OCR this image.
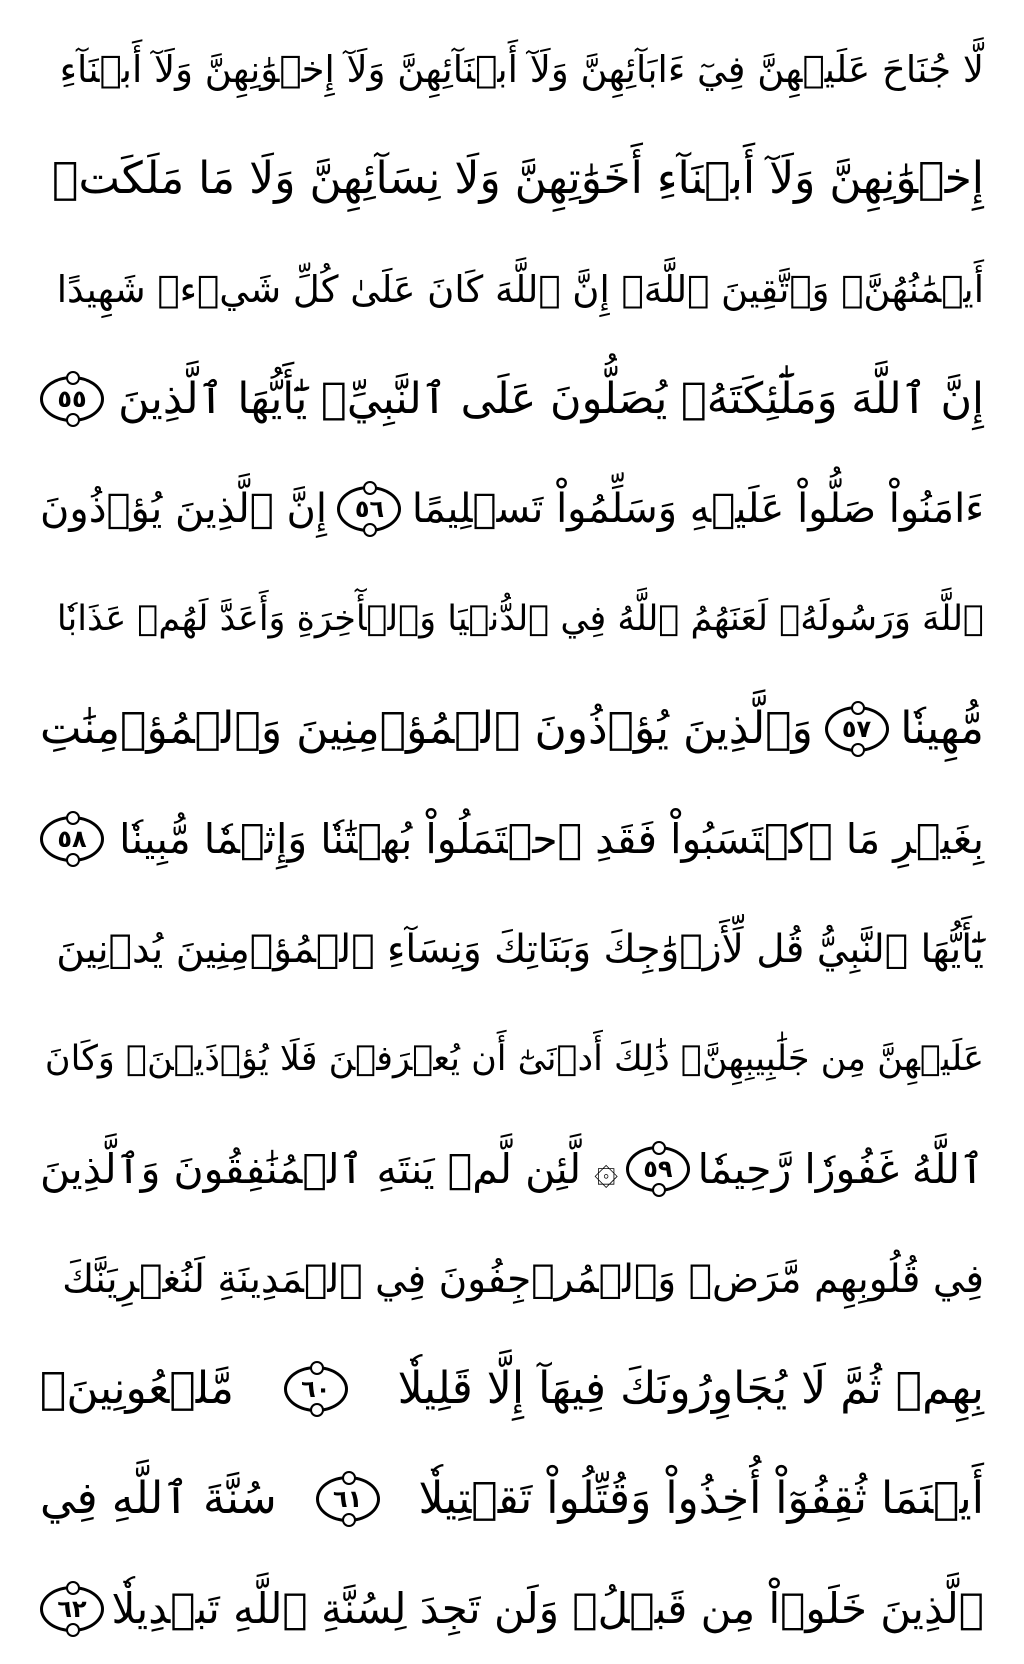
لَّا جُنَاحَ عَلَيۡهِنَّ فِيٓ ءَابَآئِهِنَّ وَلَآ أَبۡنَآئِهِنَّ وَلَآ إِخۡوَٰنِهِنَّ وَلَآ أَبۡنَآءِ
إِخۡوَٰنِهِنَّ وَلَآ أَبۡنَآءِ أَخَوَٰتِهِنَّ وَلَا نِسَآئِهِنَّ وَلَا مَا مَلَكَتۡ
أَيۡمَٰنُهُنَّۗ وَٱتَّقِينَ ٱللَّهَۚ إِنَّ ٱللَّهَ كَانَ عَلَىٰ كُلِّ شَيۡءٖ شَهِيدًا
إِنَّ ٱللَّهَ وَمَلَٰٓئِكَتَهُۥ يُصَلُّونَ عَلَى ٱلنَّبِيِّۚ يَٰٓأَيُّهَا ٱلَّذِينَ
٥٥
ءَامَنُواْ صَلُّواْ عَلَيۡهِ وَسَلِّمُواْ تَسۡلِيمًا
٥٦
إِنَّ ٱلَّذِينَ يُؤۡذُونَ
ٱللَّهَ وَرَسُولَهُۥ لَعَنَهُمُ ٱللَّهُ فِي ٱلدُّنۡيَا وَٱلۡأٓخِرَةِ وَأَعَدَّ لَهُمۡ عَذَابٗا
مُّهِينٗا
٥٧
وَٱلَّذِينَ يُؤۡذُونَ ٱلۡمُؤۡمِنِينَ وَٱلۡمُؤۡمِنَٰتِ
بِغَيۡرِ مَا ٱكۡتَسَبُواْ فَقَدِ ٱحۡتَمَلُواْ بُهۡتَٰنٗا وَإِثۡمٗا مُّبِينٗا
٥٨
يَٰٓأَيُّهَا ٱلنَّبِيُّ قُل لِّأَزۡوَٰجِكَ وَبَنَاتِكَ وَنِسَآءِ ٱلۡمُؤۡمِنِينَ يُدۡنِينَ
عَلَيۡهِنَّ مِن جَلَٰبِيبِهِنَّۚ ذَٰلِكَ أَدۡنَىٰٓ أَن يُعۡرَفۡنَ فَلَا يُؤۡذَيۡنَۗ وَكَانَ
ٱللَّهُ غَفُورٗا رَّحِيمٗا
٥٩
۞ لَّئِن لَّمۡ يَنتَهِ ٱلۡمُنَٰفِقُونَ وَٱلَّذِينَ
فِي قُلُوبِهِم مَّرَضٞ وَٱلۡمُرۡجِفُونَ فِي ٱلۡمَدِينَةِ لَنُغۡرِيَنَّكَ
بِهِمۡ ثُمَّ لَا يُجَاوِرُونَكَ فِيهَآ إِلَّا قَلِيلٗا
٦٠
مَّلۡعُونِينَۖ
أَيۡنَمَا ثُقِفُوٓاْ أُخِذُواْ وَقُتِّلُواْ تَقۡتِيلٗا
٦١
سُنَّةَ ٱللَّهِ فِي
ٱلَّذِينَ خَلَوۡاْ مِن قَبۡلُۖ وَلَن تَجِدَ لِسُنَّةِ ٱللَّهِ تَبۡدِيلٗا
٦٢
